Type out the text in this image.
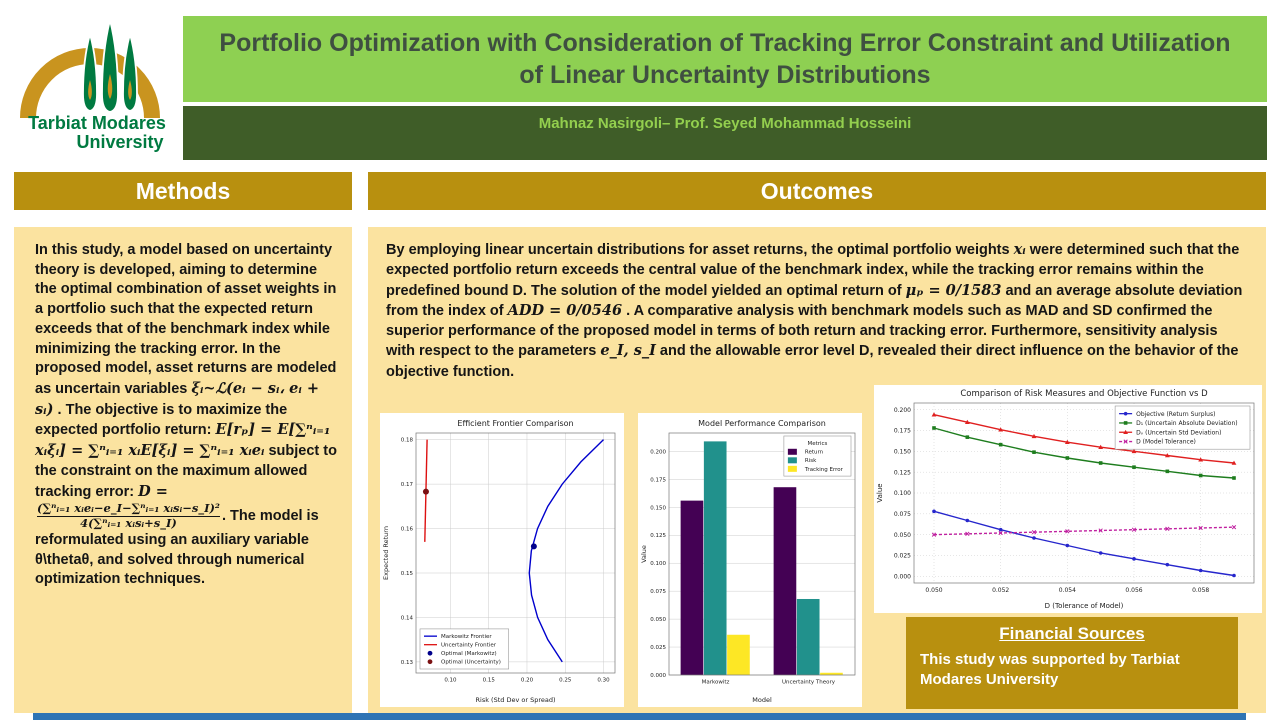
Tarbiat Modares
University
Portfolio Optimization with Consideration of Tracking Error Constraint and Utilization of Linear Uncertainty Distributions
Mahnaz Nasirgoli– Prof. Seyed Mohammad Hosseini
Methods	Outcomes

In this study, a model based on uncertainty theory is developed, aiming to determine the optimal combination of asset weights in a portfolio such that the expected return exceeds that of the benchmark index while minimizing the tracking error. In the proposed model, asset returns are modeled as uncertain variables ξᵢ~ℒ(eᵢ − sᵢ، eᵢ + sᵢ) . The objective is to maximize the expected portfolio return: E[rₚ] = E[∑ⁿᵢ₌₁ xᵢξᵢ] = ∑ⁿᵢ₌₁ xᵢE[ξᵢ] = ∑ⁿᵢ₌₁ xᵢeᵢ subject to the constraint on the maximum allowed tracking error: D =
$\frac{\text{(∑ⁿᵢ₌₁ xᵢeᵢ−e\_I−∑ⁿᵢ₌₁ xᵢsᵢ−s\_I)²}}{\text{4(∑ⁿᵢ₌₁ xᵢsᵢ+s\_I)}}$ . The model is reformulated using an auxiliary variable θ\thetaθ, and solved through numerical optimization techniques.

By employing linear uncertain distributions for asset returns, the optimal portfolio weights xᵢ were determined such that the expected portfolio return exceeds the central value of the benchmark index, while the tracking error remains within the predefined bound D. The solution of the model yielded an optimal return of μₚ = 0/1583 and an average absolute deviation from the index of ADD = 0/0546 . A comparative analysis with benchmark models such as MAD and SD confirmed the superior performance of the proposed model in terms of both return and tracking error. Furthermore, sensitivity analysis with respect to the parameters e_I, s_I and the allowable error level D, revealed their direct influence on the behavior of the objective function.

0.13
0.14
0.15
0.16
0.17
0.18
0.10	0.15	0.20	0.25	0.30
Efficient Frontier Comparison
Risk (Std Dev or Spread)
Expected Return
Markowitz Frontier
Uncertainty Frontier
Optimal (Markowitz)
Optimal (Uncertainty)
0.000
0.025
0.050
0.075
0.100
0.125
0.150
0.175
0.200
Markowitz	Uncertainty Theory
Model Performance Comparison
Model
Value
Metrics
Return
Risk
Tracking Error
0.000
0.025
0.050
0.075
0.100
0.125
0.150
0.175
0.200
0.050	0.052	0.054	0.056	0.058
Comparison of Risk Measures and Objective Function vs D
D (Tolerance of Model)
Value
Objective (Return Surplus)
D₁ (Uncertain Absolute Deviation)
Dᵥ (Uncertain Std Deviation)
D (Model Tolerance)
Financial Sources
This study was supported by Tarbiat Modares University
